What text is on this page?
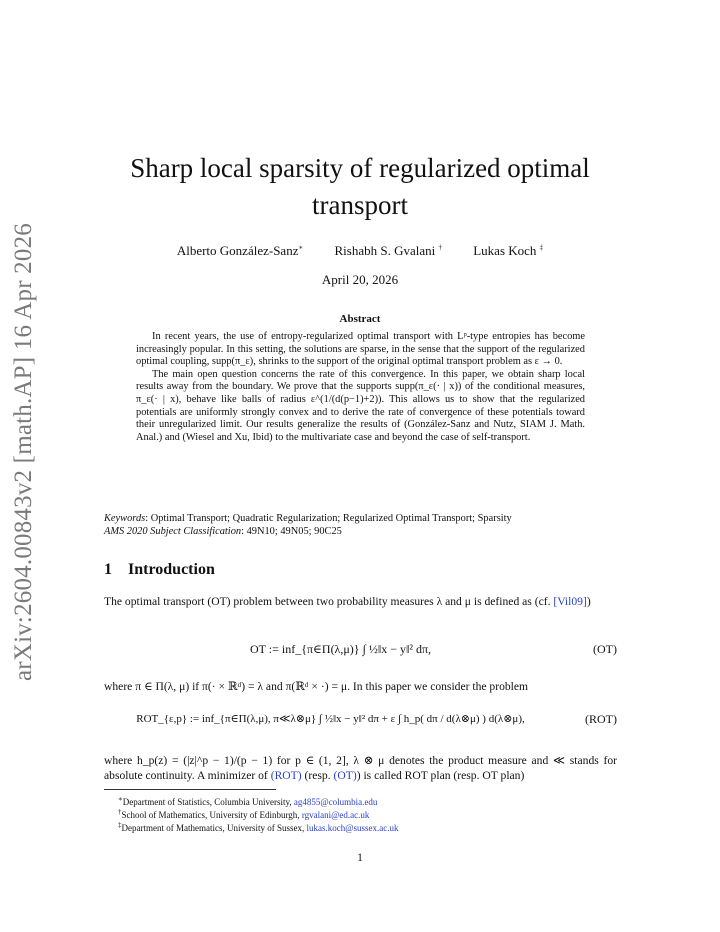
arXiv:2604.00843v2 [math.AP] 16 Apr 2026
Sharp local sparsity of regularized optimal
transport
Alberto González-Sanz∗ Rishabh S. Gvalani † Lukas Koch ‡
April 20, 2026
Abstract

In recent years, the use of entropy-regularized optimal transport with Lᵖ-type entropies has become increasingly popular. In this setting, the solutions are sparse, in the sense that the support of the regularized optimal coupling, supp(π_ε), shrinks to the support of the original optimal transport problem as ε → 0.

The main open question concerns the rate of this convergence. In this paper, we obtain sharp local results away from the boundary. We prove that the supports supp(π_ε(· | x)) of the conditional measures, π_ε(· | x), behave like balls of radius ε^(1/(d(p−1)+2)). This allows us to show that the regularized potentials are uniformly strongly convex and to derive the rate of convergence of these potentials toward their unregularized limit. Our results generalize the results of (González-Sanz and Nutz, SIAM J. Math. Anal.) and (Wiesel and Xu, Ibid) to the multivariate case and beyond the case of self-transport.

Keywords: Optimal Transport; Quadratic Regularization; Regularized Optimal Transport; Sparsity
AMS 2020 Subject Classification: 49N10; 49N05; 90C25
1 Introduction
The optimal transport (OT) problem between two probability measures λ and μ is defined as (cf. [Vil09])
OT := inf_{π∈Π(λ,μ)} ∫ ½‖x − y‖² dπ,	(OT)
where π ∈ Π(λ, μ) if π(· × ℝᵈ) = λ and π(ℝᵈ × ·) = μ. In this paper we consider the problem
ROT_{ε,p} := inf_{π∈Π(λ,μ), π≪λ⊗μ} ∫ ½‖x − y‖² dπ + ε ∫ h_p( dπ / d(λ⊗μ) ) d(λ⊗μ),	(ROT)
where h_p(z) = (|z|^p − 1)/(p − 1) for p ∈ (1, 2], λ ⊗ μ denotes the product measure and ≪ stands for absolute continuity. A minimizer of (ROT) (resp. (OT)) is called ROT plan (resp. OT plan)
∗Department of Statistics, Columbia University, ag4855@columbia.edu
†School of Mathematics, University of Edinburgh, rgvalani@ed.ac.uk
‡Department of Mathematics, University of Sussex, lukas.koch@sussex.ac.uk
1
